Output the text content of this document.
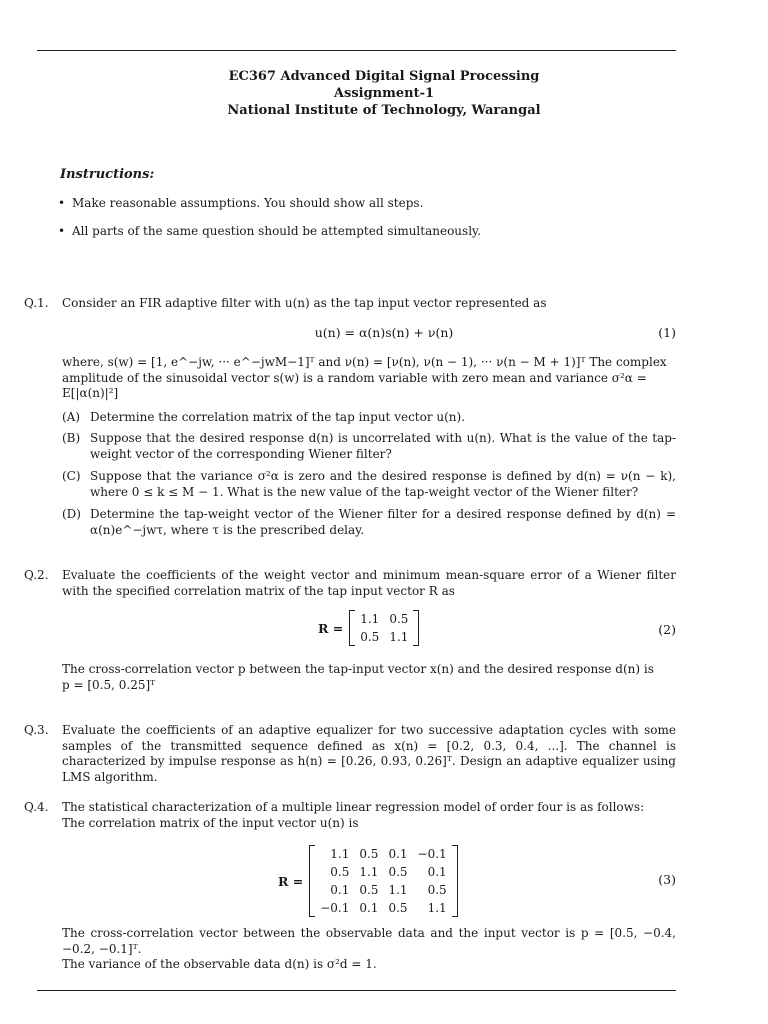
EC367 Advanced Digital Signal Processing
Assignment-1
National Institute of Technology, Warangal
Instructions:
• Make reasonable assumptions. You should show all steps.
• All parts of the same question should be attempted simultaneously.
Q.1. Consider an FIR adaptive filter with u(n) as the tap input vector represented as
u(n) = α(n)s(n) + ν(n)	(1)
where, s(w) = [1, e^−jw, ··· e^−jwM−1]ᵀ and ν(n) = [ν(n), ν(n − 1), ··· ν(n − M + 1)]ᵀ The complex
amplitude of the sinusoidal vector s(w) is a random variable with zero mean and variance σ²α =
E[|α(n)|²]
(A) Determine the correlation matrix of the tap input vector u(n).
(B) Suppose that the desired response d(n) is uncorrelated with u(n). What is the value of the tap-weight vector of the corresponding Wiener filter?
(C) Suppose that the variance σ²α is zero and the desired response is defined by d(n) = ν(n − k), where 0 ≤ k ≤ M − 1. What is the new value of the tap-weight vector of the Wiener filter?
(D) Determine the tap-weight vector of the Wiener filter for a desired response defined by d(n) = α(n)e^−jwτ, where τ is the prescribed delay.
Q.2. Evaluate the coefficients of the weight vector and minimum mean-square error of a Wiener filter with the specified correlation matrix of the tap input vector R as
R =
1.1	0.5
0.5	1.1	(2)
The cross-correlation vector p between the tap-input vector x(n) and the desired response d(n) is
p = [0.5, 0.25]ᵀ
Q.3. Evaluate the coefficients of an adaptive equalizer for two successive adaptation cycles with some samples of the transmitted sequence defined as x(n) = [0.2, 0.3, 0.4, ...]. The channel is characterized by impulse response as h(n) = [0.26, 0.93, 0.26]ᵀ. Design an adaptive equalizer using LMS algorithm.
Q.4. The statistical characterization of a multiple linear regression model of order four is as follows:
The correlation matrix of the input vector u(n) is
R =
1.1	0.5	0.1	−0.1
0.5	1.1	0.5	0.1
0.1	0.5	1.1	0.5
−0.1	0.1	0.5	1.1
(3)
The cross-correlation vector between the observable data and the input vector is p = [0.5, −0.4, −0.2, −0.1]ᵀ.
The variance of the observable data d(n) is σ²d = 1.
